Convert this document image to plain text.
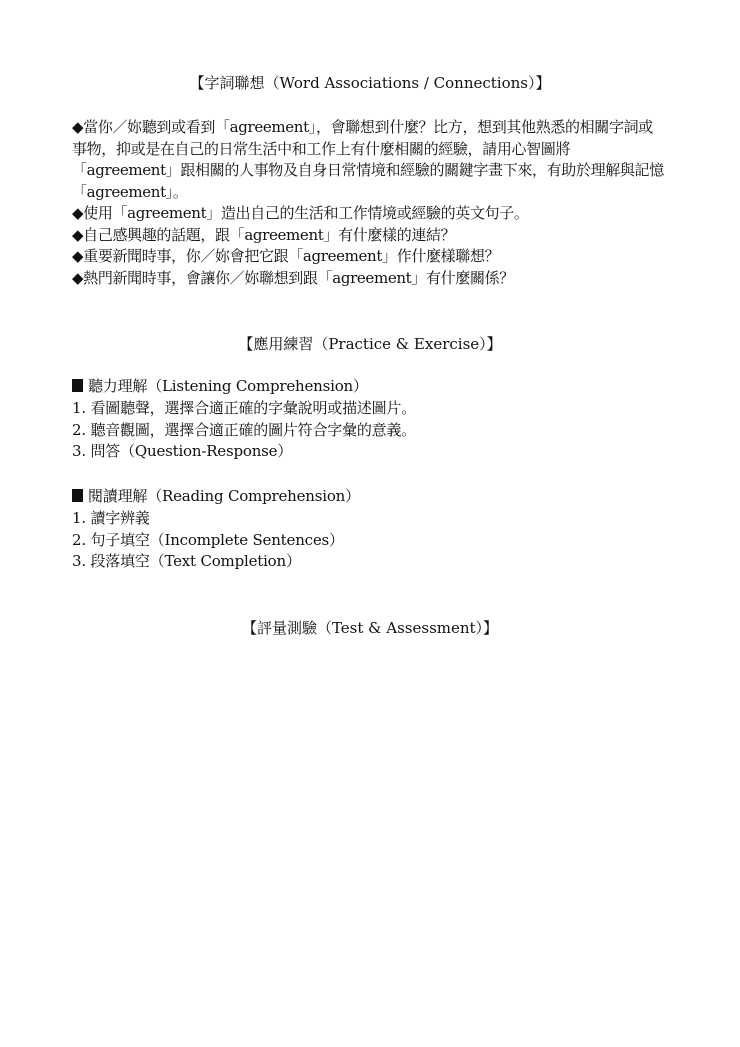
【字詞聯想（Word Associations / Connections）】
◆當你／妳聽到或看到「agreement」，會聯想到什麼？比方，想到其他熟悉的相關字詞或
事物，抑或是在自己的日常生活中和工作上有什麼相關的經驗，請用心智圖將
「agreement」跟相關的人事物及自身日常情境和經驗的關鍵字畫下來，有助於理解與記憶
「agreement」。
◆使用「agreement」造出自己的生活和工作情境或經驗的英文句子。
◆自己感興趣的話題，跟「agreement」有什麼樣的連結？
◆重要新聞時事，你／妳會把它跟「agreement」作什麼樣聯想？
◆熱門新聞時事，會讓你／妳聯想到跟「agreement」有什麼關係？
【應用練習（Practice & Exercise）】
聽力理解（Listening Comprehension）
1. 看圖聽聲，選擇合適正確的字彙說明或描述圖片。
2. 聽音觀圖，選擇合適正確的圖片符合字彙的意義。
3. 問答（Question-Response）
閱讀理解（Reading Comprehension）
1. 讀字辨義
2. 句子填空（Incomplete Sentences）
3. 段落填空（Text Completion）
【評量測驗（Test & Assessment）】
